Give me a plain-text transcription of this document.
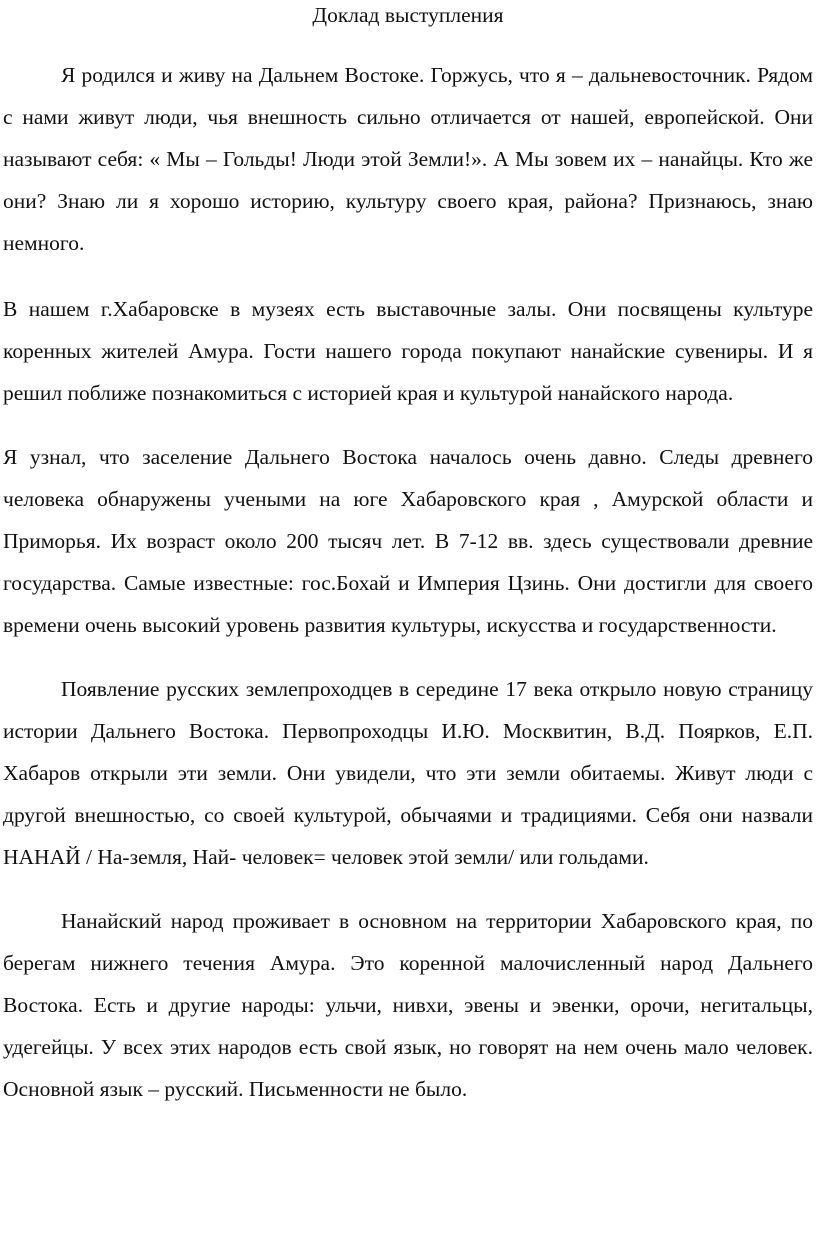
Доклад выступления

Я родился и живу на Дальнем Востоке. Горжусь, что я – дальневосточник. Рядом с нами живут люди, чья внешность сильно отличается от нашей, европейской. Они называют себя: « Мы – Гольды! Люди этой Земли!». А Мы зовем их – нанайцы. Кто же они? Знаю ли я хорошо историю, культуру своего края, района? Признаюсь, знаю немного.

В нашем г.Хабаровске в музеях есть выставочные залы. Они посвящены культуре коренных жителей Амура. Гости нашего города покупают нанайские сувениры. И я решил поближе познакомиться с историей края и культурой нанайского народа.

Я узнал, что заселение Дальнего Востока началось очень давно. Следы древнего человека обнаружены учеными на юге Хабаровского края , Амурской области и Приморья. Их возраст около 200 тысяч лет. В 7-12 вв. здесь существовали древние государства. Самые известные: гос.Бохай и Империя Цзинь. Они достигли для своего времени очень высокий уровень развития культуры, искусства и государственности.

Появление русских землепроходцев в середине 17 века открыло новую страницу истории Дальнего Востока. Первопроходцы И.Ю. Москвитин, В.Д. Поярков, Е.П. Хабаров открыли эти земли. Они увидели, что эти земли обитаемы. Живут люди с другой внешностью, со своей культурой, обычаями и традициями. Себя они назвали НАНАЙ / На-земля, Най- человек= человек этой земли/ или гольдами.

Нанайский народ проживает в основном на территории Хабаровского края, по берегам нижнего течения Амура. Это коренной малочисленный народ Дальнего Востока. Есть и другие народы: ульчи, нивхи, эвены и эвенки, орочи, негитальцы, удегейцы. У всех этих народов есть свой язык, но говорят на нем очень мало человек. Основной язык – русский. Письменности не было.
